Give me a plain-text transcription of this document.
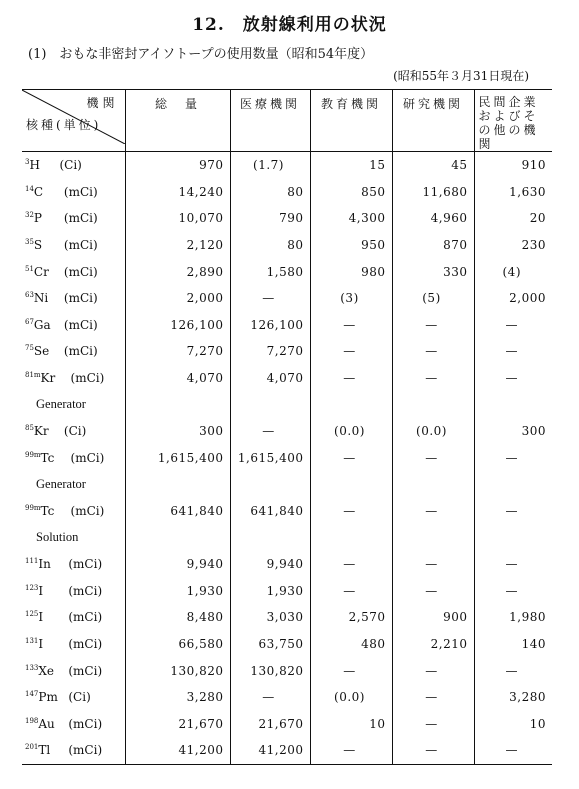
12.　放射線利用の状況
(1)　おもな非密封アイソトープの使用数量（昭和54年度）
(昭和55年３月31日現在)
機関
核種(単位)	総　量	医療機関	教育機関	研究機関	民間企業およびその他の機関
$^3$H (Ci)	970	(1.7)	15	45	910
$^{14}$C (mCi)	14,240	80	850	11,680	1,630
$^{32}$P (mCi)	10,070	790	4,300	4,960	20
$^{35}$S (mCi)	2,120	80	950	870	230
$^{51}$Cr (mCi)	2,890	1,580	980	330	(4)
$^{63}$Ni (mCi)	2,000	—	(3)	(5)	2,000
$^{67}$Ga (mCi)	126,100	126,100	—	—	—
$^{75}$Se (mCi)	7,270	7,270	—	—	—
$^{81m}$Kr (mCi)	4,070	4,070	—	—	—
Generator					
$^{85}$Kr (Ci)	300	—	(0.0)	(0.0)	300
$^{99m}$Tc (mCi)	1,615,400	1,615,400	—	—	—
Generator					
$^{99m}$Tc (mCi)	641,840	641,840	—	—	—
Solution					
$^{111}$In (mCi)	9,940	9,940	—	—	—
$^{123}$I (mCi)	1,930	1,930	—	—	—
$^{125}$I (mCi)	8,480	3,030	2,570	900	1,980
$^{131}$I (mCi)	66,580	63,750	480	2,210	140
$^{133}$Xe (mCi)	130,820	130,820	—	—	—
$^{147}$Pm (Ci)	3,280	—	(0.0)	—	3,280
$^{198}$Au (mCi)	21,670	21,670	10	—	10
$^{201}$Tl (mCi)	41,200	41,200	—	—	—
